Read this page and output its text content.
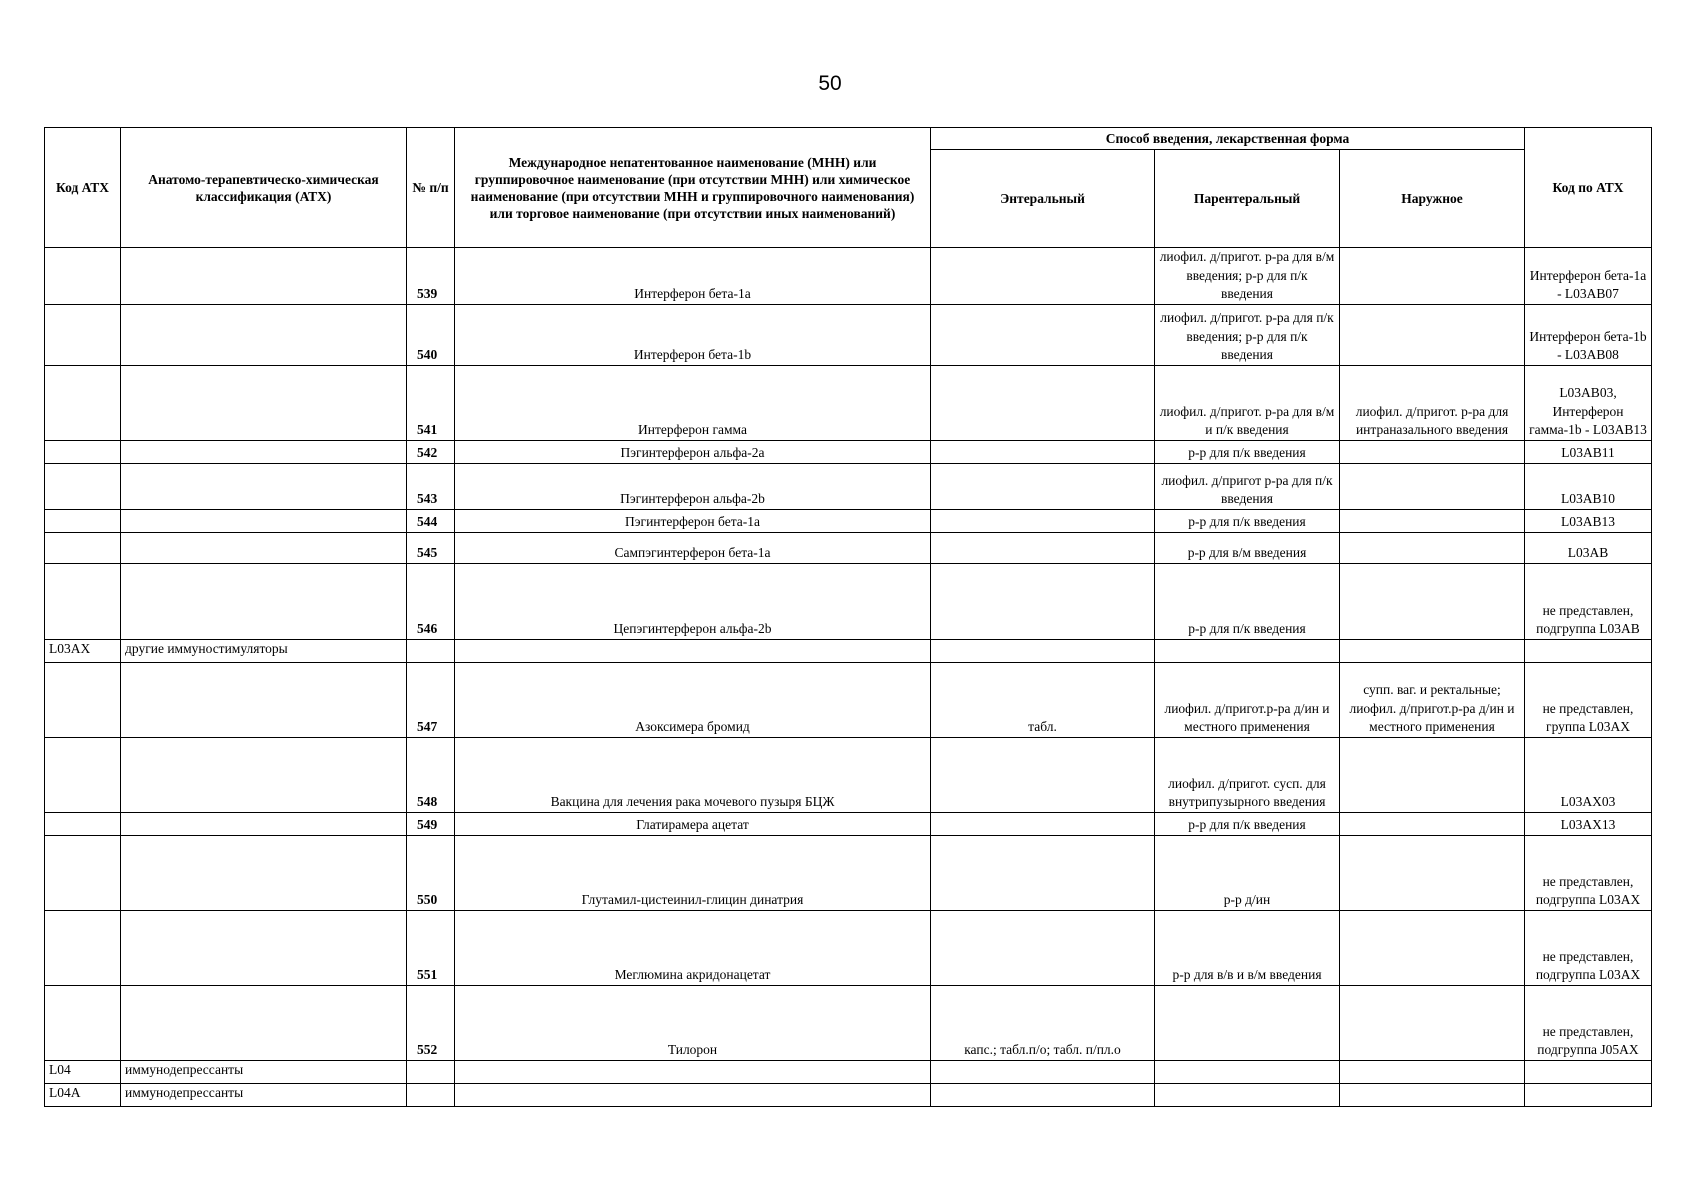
50
Код АТХ	Анатомо-терапевтическо-химическая классификация (АТХ)	№ п/п	Международное непатентованное наименование (МНН) или группировочное наименование (при отсутствии МНН) или химическое наименование (при отсутствии МНН и группировочного наименования) или торговое наименование (при отсутствии иных наименований)	Способ введения, лекарственная форма			Код по АТХ
				Энтеральный	Парентеральный	Наружное	
		539	Интерферон бета-1а		лиофил. д/пригот. р-ра для в/м введения; р-р для п/к введения		Интерферон бета-1а - L03AB07
		540	Интерферон бета-1b		лиофил. д/пригот. р-ра для п/к введения; р-р для п/к введения		Интерферон бета-1b - L03AB08
		541	Интерферон гамма		лиофил. д/пригот. р-ра для в/м и п/к введения	лиофил. д/пригот. р-ра для интраназального введения	L03AB03, Интерферон гамма-1b - L03AB13
		542	Пэгинтерферон альфа-2а		р-р для п/к введения		L03AB11
		543	Пэгинтерферон альфа-2b		лиофил. д/пригот р-ра для п/к введения		L03AB10
		544	Пэгинтерферон бета-1а		р-р для п/к введения		L03AB13
		545	Сампэгинтерферон бета-1а		р-р для в/м введения		L03AB
		546	Цепэгинтерферон альфа-2b		р-р для п/к введения		не представлен, подгруппа L03AB
L03AX	другие иммуностимуляторы						
		547	Азоксимера бромид	табл.	лиофил. д/пригот.р-ра д/ин и местного применения	супп. ваг. и ректальные; лиофил. д/пригот.р-ра д/ин и местного применения	не представлен, группа L03AX
		548	Вакцина для лечения рака мочевого пузыря БЦЖ		лиофил. д/пригот. сусп. для внутрипузырного введения		L03AX03
		549	Глатирамера ацетат		р-р для п/к введения		L03AX13
		550	Глутамил-цистеинил-глицин динатрия		р-р д/ин		не представлен, подгруппа L03AX
		551	Меглюмина акридонацетат		р-р для в/в и в/м введения		не представлен, подгруппа L03AX
		552	Тилорон	капс.; табл.п/о; табл. п/пл.о			не представлен, подгруппа J05AX
L04	иммунодепрессанты						
L04A	иммунодепрессанты						
